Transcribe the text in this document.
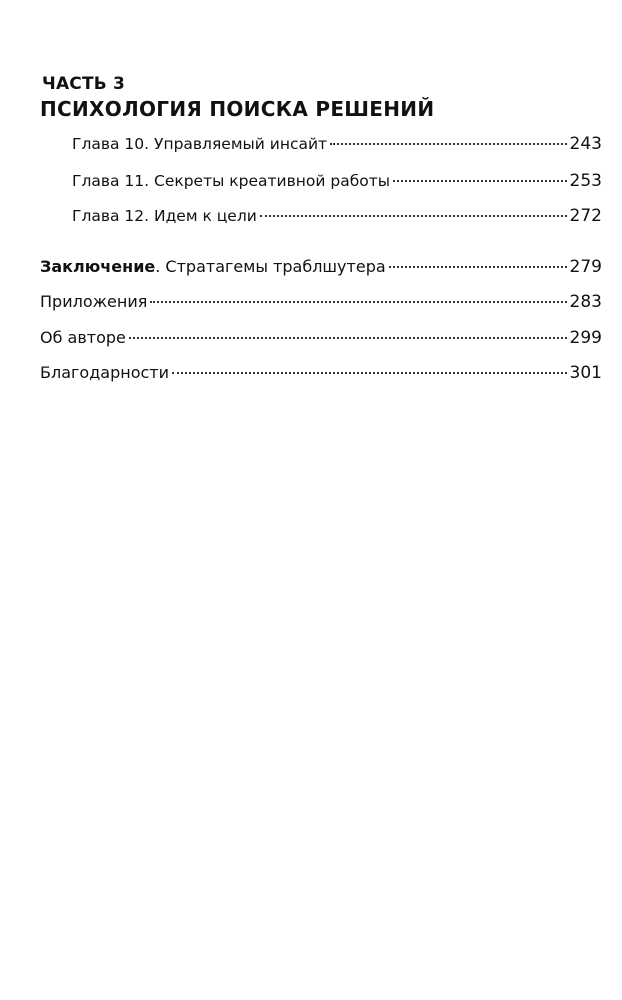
ЧАСТЬ 3
ПСИХОЛОГИЯ ПОИСКА РЕШЕНИЙ
Глава 10. Управляемый инсайт	243
Глава 11. Секреты креативной работы	253
Глава 12. Идем к цели	272
Заключение. Стратагемы траблшутера	279
Приложения	283
Об авторе	299
Благодарности	301
